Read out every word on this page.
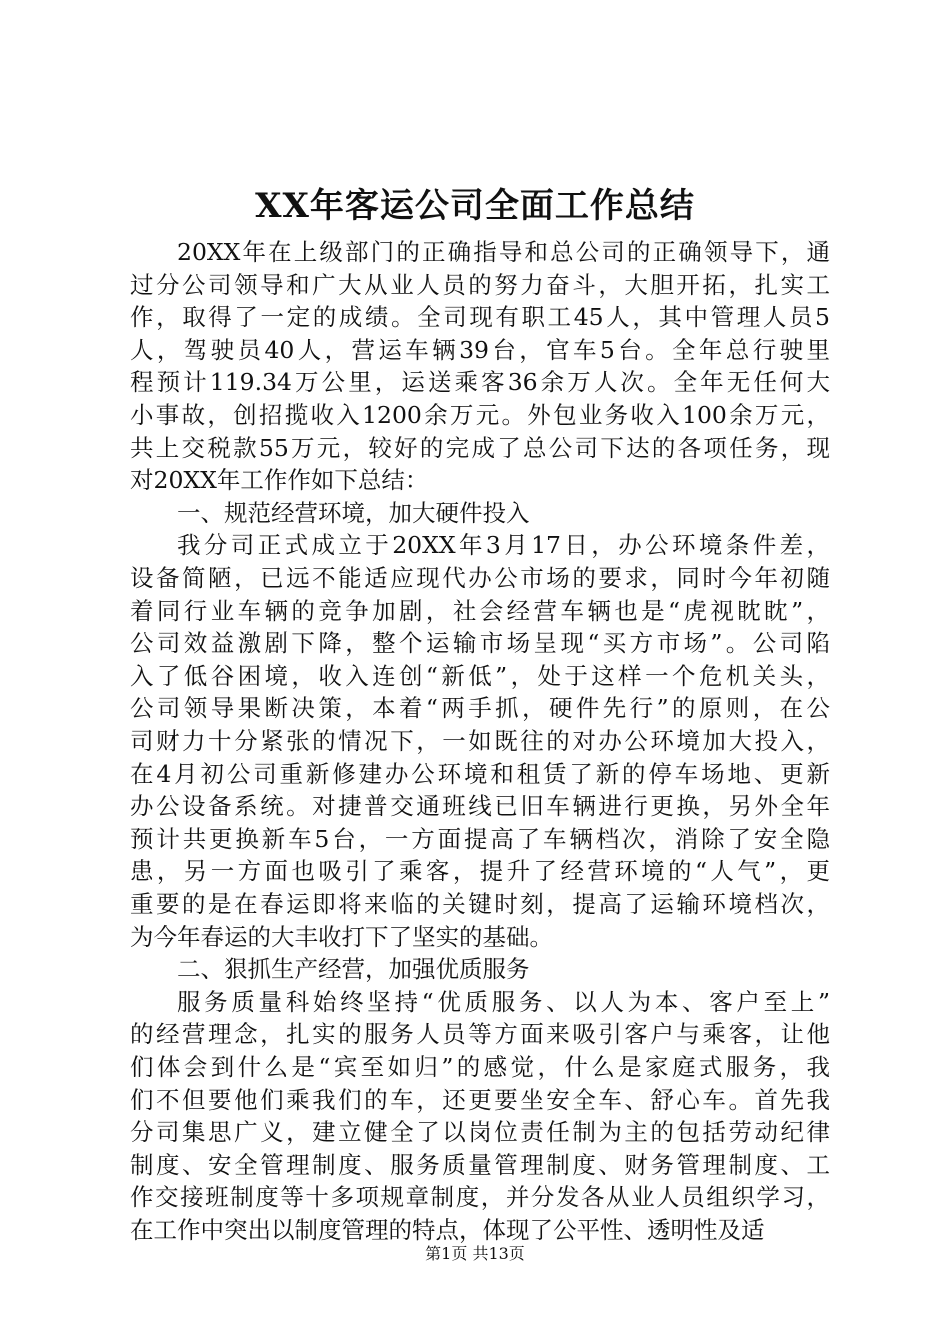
XX年客运公司全面工作总结
20XX年在上级部门的正确指导和总公司的正确领导下，通
过分公司领导和广大从业人员的努力奋斗，大胆开拓，扎实工
作，取得了一定的成绩。全司现有职工45人，其中管理人员5
人，驾驶员40人，营运车辆39台，官车5台。全年总行驶里
程预计119.34万公里，运送乘客36余万人次。全年无任何大
小事故，创招揽收入1200余万元。外包业务收入100余万元，
共上交税款55万元，较好的完成了总公司下达的各项任务，现
对20XX年工作作如下总结：
一、规范经营环境，加大硬件投入
我分司正式成立于20XX年3月17日，办公环境条件差，
设备简陋，已远不能适应现代办公市场的要求，同时今年初随
着同行业车辆的竞争加剧，社会经营车辆也是“虎视眈眈”，
公司效益激剧下降，整个运输市场呈现“买方市场”。公司陷
入了低谷困境，收入连创“新低”，处于这样一个危机关头，
公司领导果断决策，本着“两手抓，硬件先行”的原则，在公
司财力十分紧张的情况下，一如既往的对办公环境加大投入，
在4月初公司重新修建办公环境和租赁了新的停车场地、更新
办公设备系统。对捷普交通班线已旧车辆进行更换，另外全年
预计共更换新车5台，一方面提高了车辆档次，消除了安全隐
患，另一方面也吸引了乘客，提升了经营环境的“人气”，更
重要的是在春运即将来临的关键时刻，提高了运输环境档次，
为今年春运的大丰收打下了坚实的基础。
二、狠抓生产经营，加强优质服务
服务质量科始终坚持“优质服务、以人为本、客户至上”
的经营理念，扎实的服务人员等方面来吸引客户与乘客，让他
们体会到什么是“宾至如归”的感觉，什么是家庭式服务，我
们不但要他们乘我们的车，还更要坐安全车、舒心车。首先我
分司集思广义，建立健全了以岗位责任制为主的包括劳动纪律
制度、安全管理制度、服务质量管理制度、财务管理制度、工
作交接班制度等十多项规章制度，并分发各从业人员组织学习，
在工作中突出以制度管理的特点，体现了公平性、透明性及适
第1页 共13页
